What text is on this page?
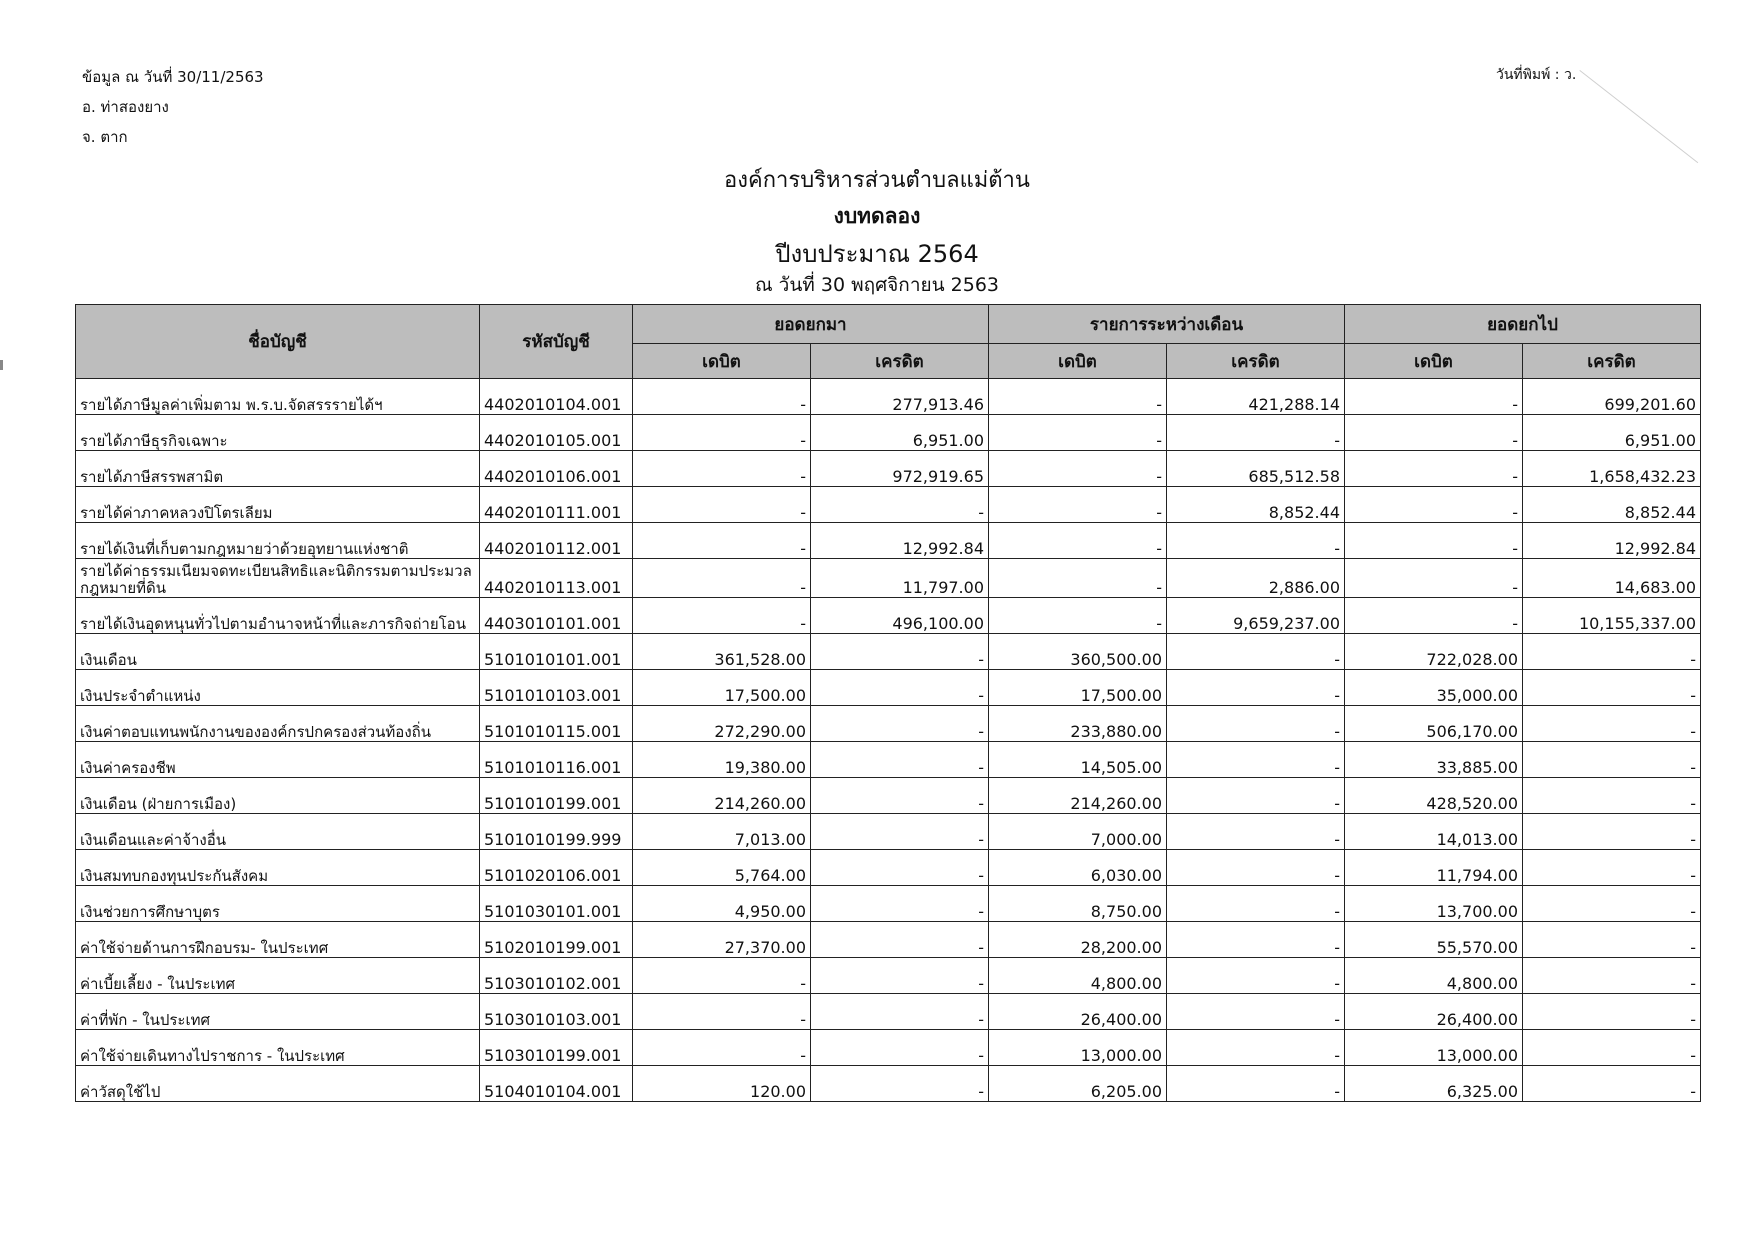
ข้อมูล ณ วันที่ 30/11/2563
อ. ท่าสองยาง
จ. ตาก
วันที่พิมพ์ : ว.
องค์การบริหารส่วนตำบลแม่ต้าน
งบทดลอง
ปีงบประมาณ 2564
ณ วันที่ 30 พฤศจิกายน 2563
ชื่อบัญชี	รหัสบัญชี	ยอดยกมา		รายการระหว่างเดือน		ยอดยกไป	
		เดบิต	เครดิต	เดบิต	เครดิต	เดบิต	เครดิต
รายได้ภาษีมูลค่าเพิ่มตาม พ.ร.บ.จัดสรรรายได้ฯ	4402010104.001	-	277,913.46	-	421,288.14	-	699,201.60
รายได้ภาษีธุรกิจเฉพาะ	4402010105.001	-	6,951.00	-	-	-	6,951.00
รายได้ภาษีสรรพสามิต	4402010106.001	-	972,919.65	-	685,512.58	-	1,658,432.23
รายได้ค่าภาคหลวงปิโตรเลียม	4402010111.001	-	-	-	8,852.44	-	8,852.44
รายได้เงินที่เก็บตามกฎหมายว่าด้วยอุทยานแห่งชาติ	4402010112.001	-	12,992.84	-	-	-	12,992.84
รายได้ค่าธรรมเนียมจดทะเบียนสิทธิและนิติกรรมตามประมวลกฎหมายที่ดิน	4402010113.001	-	11,797.00	-	2,886.00	-	14,683.00
รายได้เงินอุดหนุนทั่วไปตามอำนาจหน้าที่และภารกิจถ่ายโอน	4403010101.001	-	496,100.00	-	9,659,237.00	-	10,155,337.00
เงินเดือน	5101010101.001	361,528.00	-	360,500.00	-	722,028.00	-
เงินประจำตำแหน่ง	5101010103.001	17,500.00	-	17,500.00	-	35,000.00	-
เงินค่าตอบแทนพนักงานขององค์กรปกครองส่วนท้องถิ่น	5101010115.001	272,290.00	-	233,880.00	-	506,170.00	-
เงินค่าครองชีพ	5101010116.001	19,380.00	-	14,505.00	-	33,885.00	-
เงินเดือน (ฝ่ายการเมือง)	5101010199.001	214,260.00	-	214,260.00	-	428,520.00	-
เงินเดือนและค่าจ้างอื่น	5101010199.999	7,013.00	-	7,000.00	-	14,013.00	-
เงินสมทบกองทุนประกันสังคม	5101020106.001	5,764.00	-	6,030.00	-	11,794.00	-
เงินช่วยการศึกษาบุตร	5101030101.001	4,950.00	-	8,750.00	-	13,700.00	-
ค่าใช้จ่ายด้านการฝึกอบรม- ในประเทศ	5102010199.001	27,370.00	-	28,200.00	-	55,570.00	-
ค่าเบี้ยเลี้ยง - ในประเทศ	5103010102.001	-	-	4,800.00	-	4,800.00	-
ค่าที่พัก - ในประเทศ	5103010103.001	-	-	26,400.00	-	26,400.00	-
ค่าใช้จ่ายเดินทางไปราชการ - ในประเทศ	5103010199.001	-	-	13,000.00	-	13,000.00	-
ค่าวัสดุใช้ไป	5104010104.001	120.00	-	6,205.00	-	6,325.00	-
